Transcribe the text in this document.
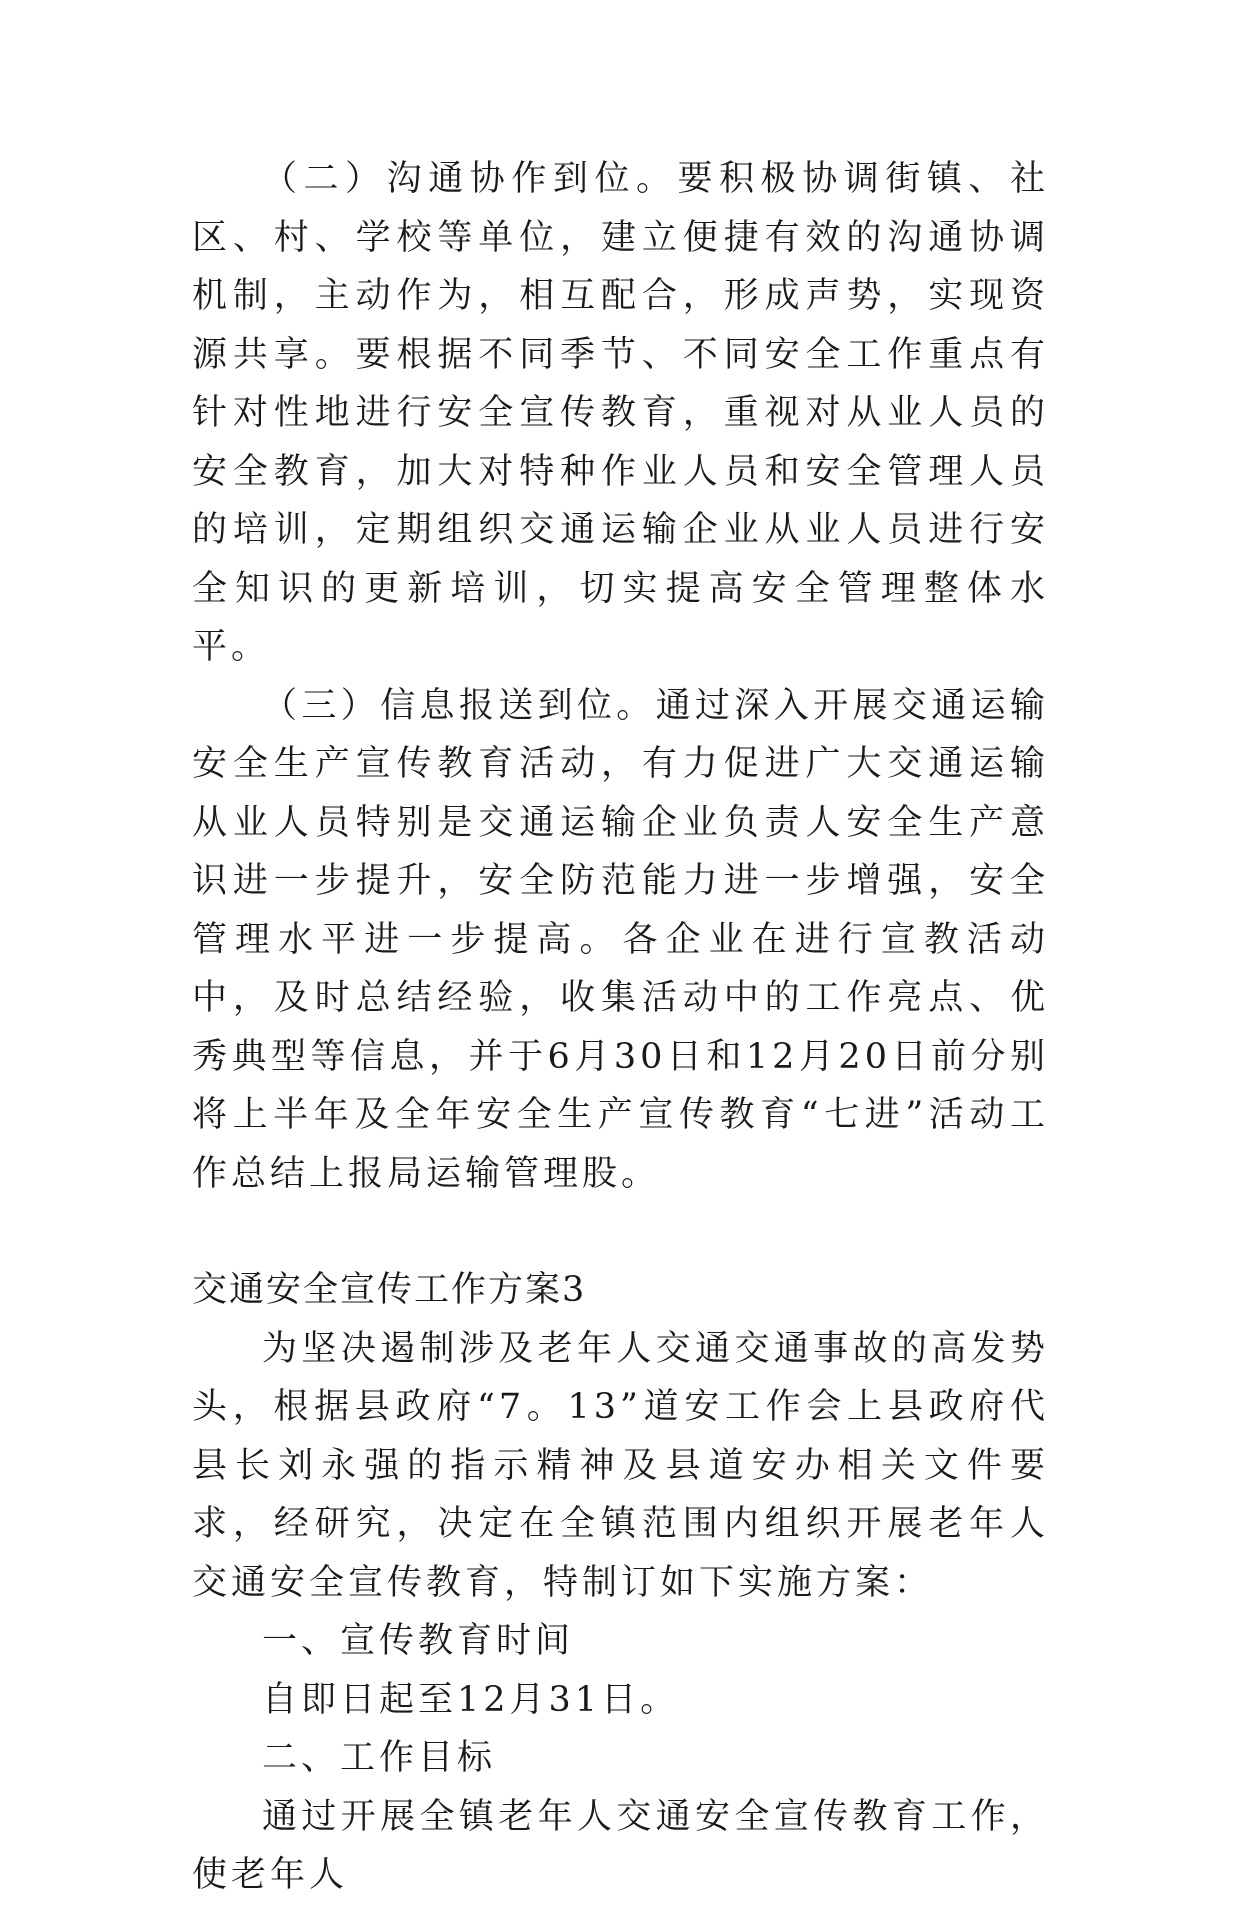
（二）沟通协作到位。要积极协调街镇、社区、村、学校等单位，建立便捷有效的沟通协调机制，主动作为，相互配合，形成声势，实现资源共享。要根据不同季节、不同安全工作重点有针对性地进行安全宣传教育，重视对从业人员的安全教育，加大对特种作业人员和安全管理人员的培训，定期组织交通运输企业从业人员进行安全知识的更新培训，切实提高安全管理整体水平。

（三）信息报送到位。通过深入开展交通运输安全生产宣传教育活动，有力促进广大交通运输从业人员特别是交通运输企业负责人安全生产意识进一步提升，安全防范能力进一步增强，安全管理水平进一步提高。各企业在进行宣教活动中，及时总结经验，收集活动中的工作亮点、优秀典型等信息，并于6月30日和12月20日前分别将上半年及全年安全生产宣传教育“七进”活动工作总结上报局运输管理股。

交通安全宣传工作方案3

为坚决遏制涉及老年人交通交通事故的高发势头，根据县政府“7。13”道安工作会上县政府代县长刘永强的指示精神及县道安办相关文件要求，经研究，决定在全镇范围内组织开展老年人交通安全宣传教育，特制订如下实施方案：

一、宣传教育时间

自即日起至12月31日。

二、工作目标

通过开展全镇老年人交通安全宣传教育工作，使老年人
